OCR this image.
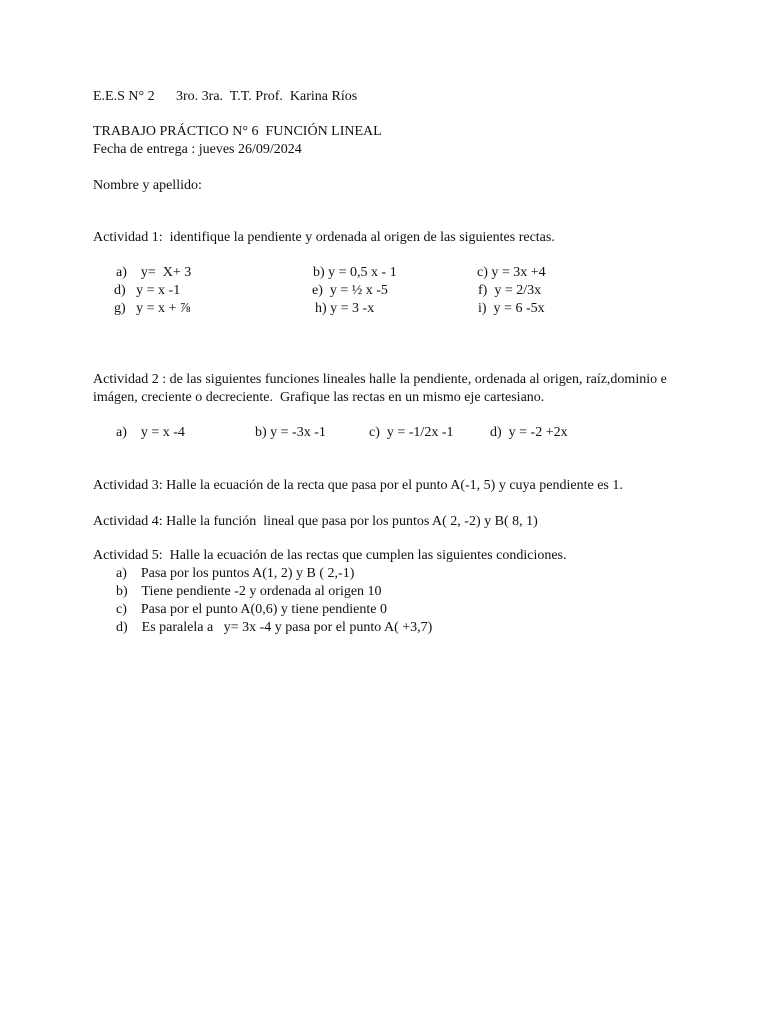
E.E.S N° 2 3ro. 3ra.  T.T. Prof.  Karina Ríos
TRABAJO PRÁCTICO N° 6  FUNCIÓN LINEAL
Fecha de entrega : jueves 26/09/2024
Nombre y apellido:
Actividad 1:  identifique la pendiente y ordenada al origen de las siguientes rectas.
a)    y=  X+ 3	b) y = 0,5 x - 1	c) y = 3x +4
d)   y = x -1	e)  y = ½ x -5	f)  y = 2/3x
g)   y = x + ⅞	h) y = 3 -x	i)  y = 6 -5x
Actividad 2 : de las siguientes funciones lineales halle la pendiente, ordenada al origen, raíz,dominio e
imágen, creciente o decreciente.  Grafique las rectas en un mismo eje cartesiano.
a)    y = x -4	b) y = -3x -1	c)  y = -1/2x -1	d)  y = -2 +2x
Actividad 3: Halle la ecuación de la recta que pasa por el punto A(-1, 5) y cuya pendiente es 1.
Actividad 4: Halle la función  lineal que pasa por los puntos A( 2, -2) y B( 8, 1)
Actividad 5:  Halle la ecuación de las rectas que cumplen las siguientes condiciones.
a)    Pasa por los puntos A(1, 2) y B ( 2,-1)
b)    Tiene pendiente -2 y ordenada al origen 10
c)    Pasa por el punto A(0,6) y tiene pendiente 0
d)    Es paralela a   y= 3x -4 y pasa por el punto A( +3,7)
